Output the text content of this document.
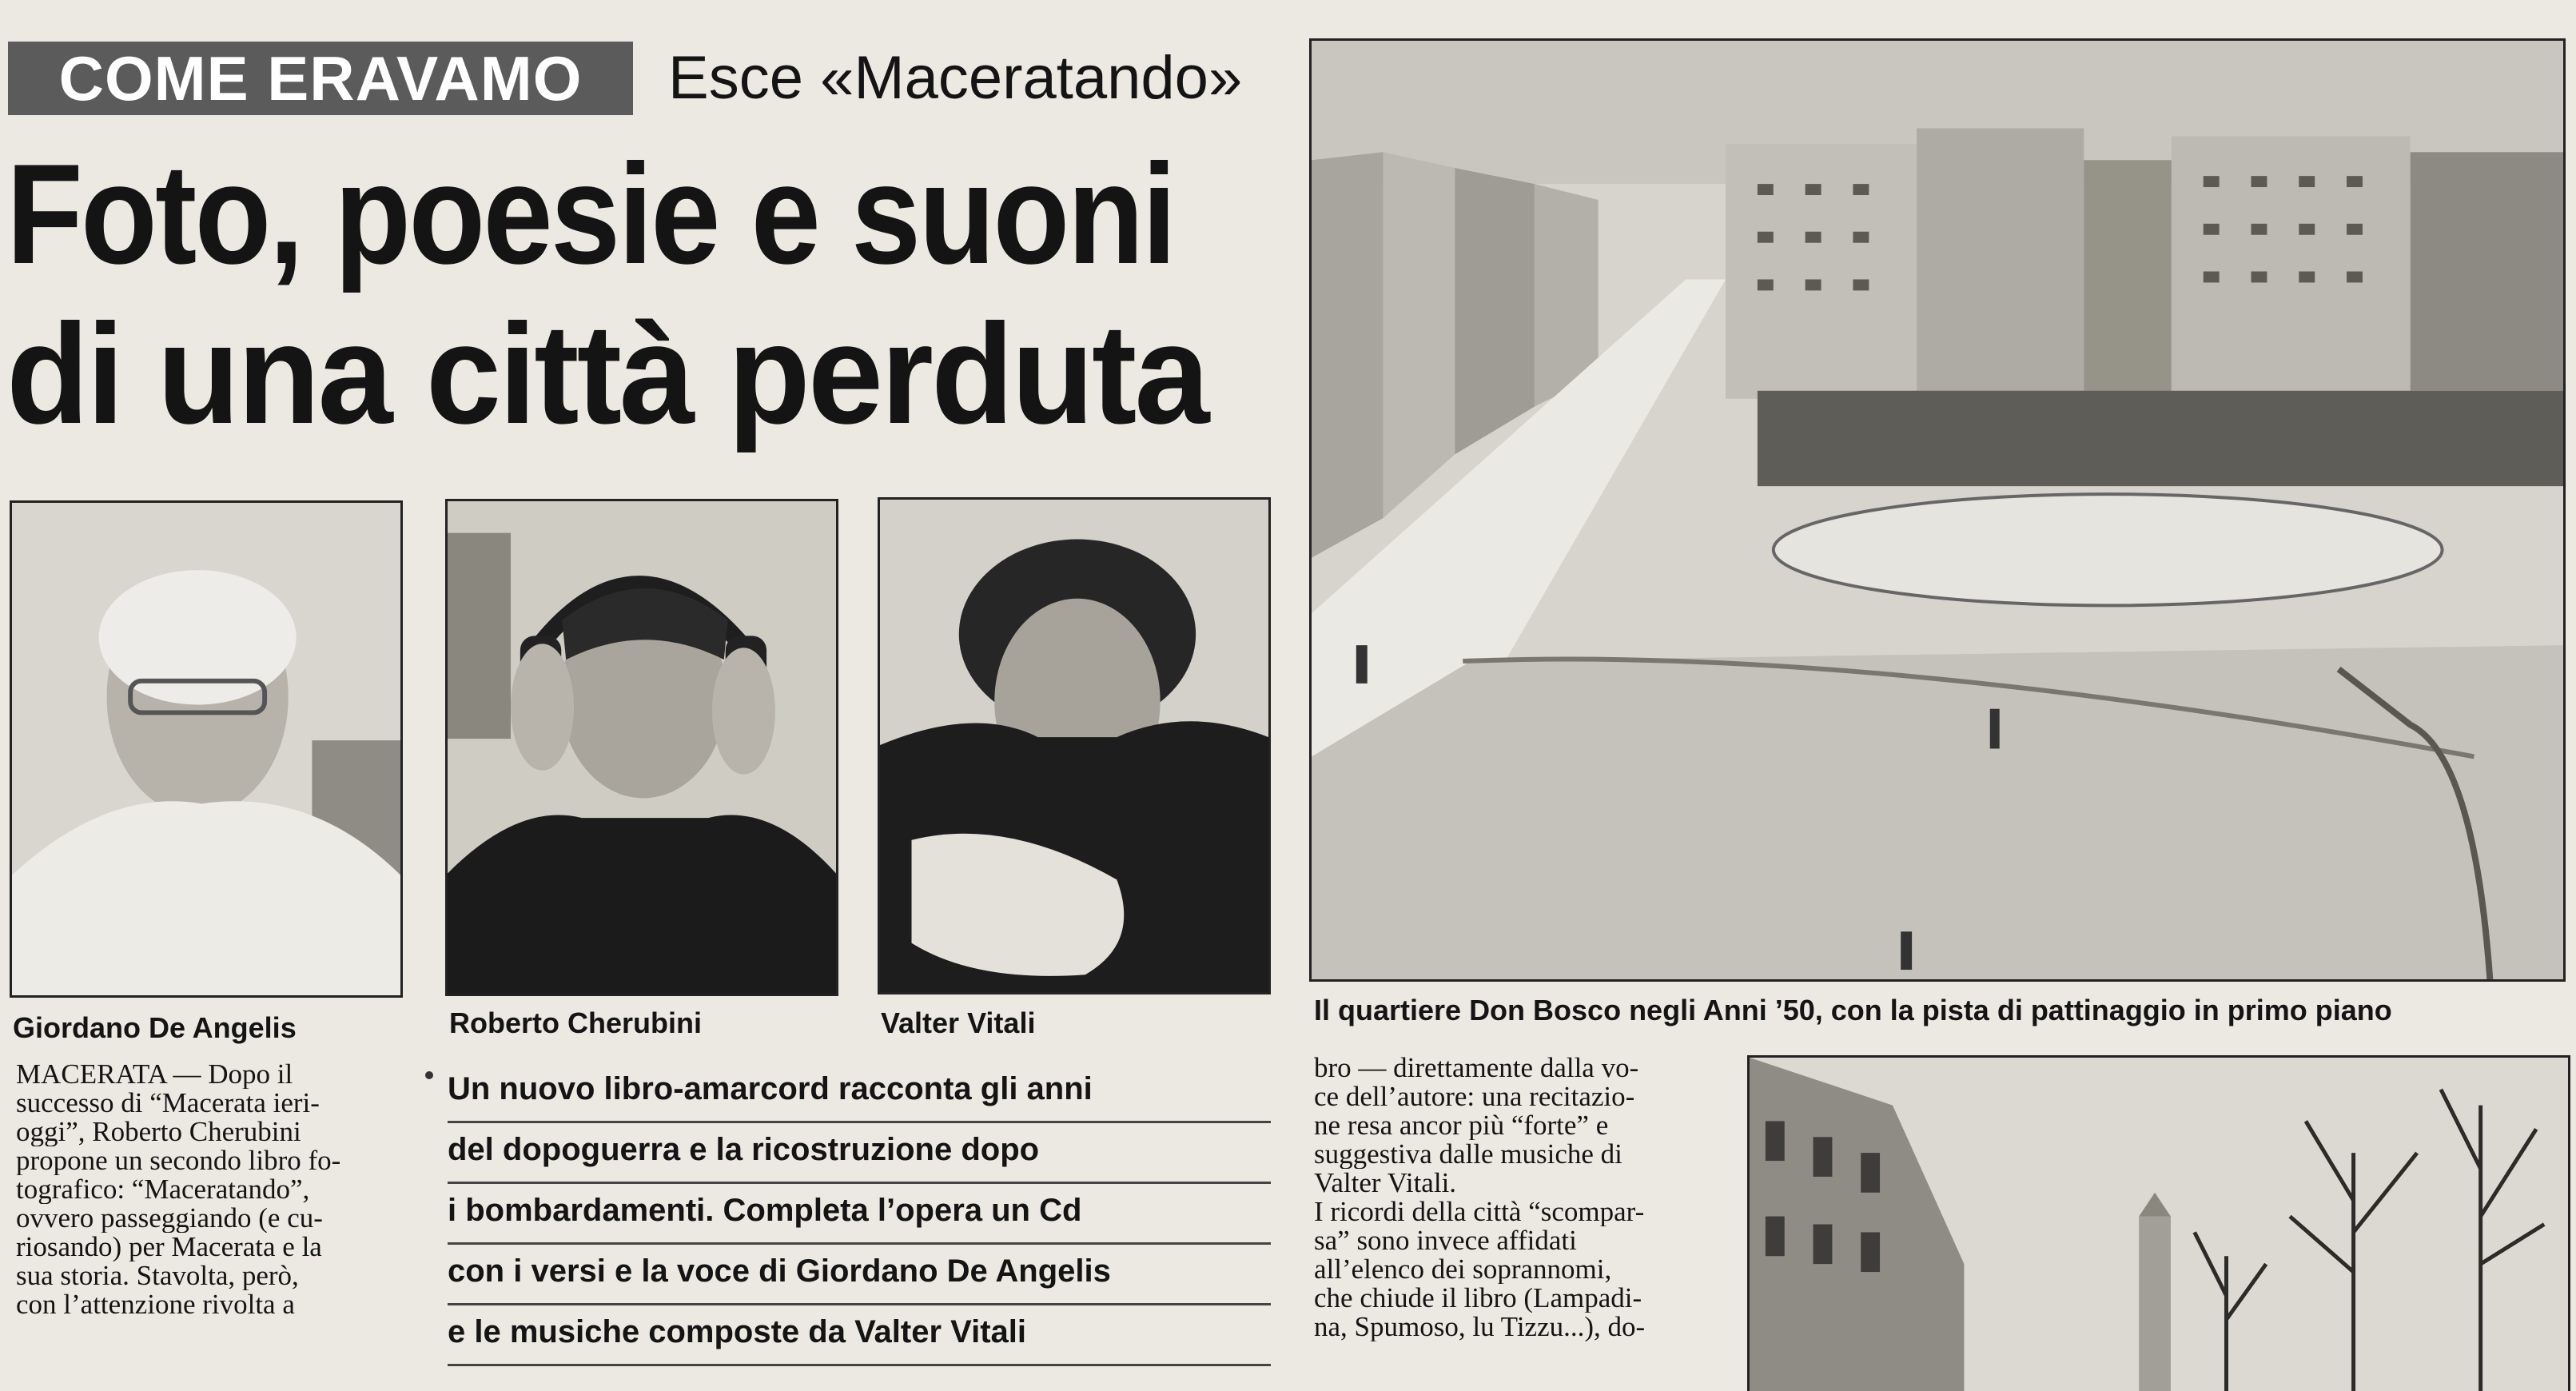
COME ERAVAMO	Esce «Maceratando»
Foto, poesie e suoni
di una città perduta
Giordano De Angelis	Roberto Cherubini	Valter Vitali	Il quartiere Don Bosco negli Anni ’50, con la pista di pattinaggio in primo piano
MACERATA — Dopo il
successo di “Macerata ieri-
oggi”, Roberto Cherubini
propone un secondo libro fo-
tografico: “Maceratando”,
ovvero passeggiando (e cu-
riosando) per Macerata e la
sua storia. Stavolta, però,
con l’attenzione rivolta a
Un nuovo libro-amarcord racconta gli anni
del dopoguerra e la ricostruzione dopo
i bombardamenti. Completa l’opera un Cd
con i versi e la voce di Giordano De Angelis
e le musiche composte da Valter Vitali
bro — direttamente dalla vo-
ce dell’autore: una recitazio-
ne resa ancor più “forte” e
suggestiva dalle musiche di
Valter Vitali.
I ricordi della città “scompar-
sa” sono invece affidati
all’elenco dei soprannomi,
che chiude il libro (Lampadi-
na, Spumoso, lu Tizzu...), do-
